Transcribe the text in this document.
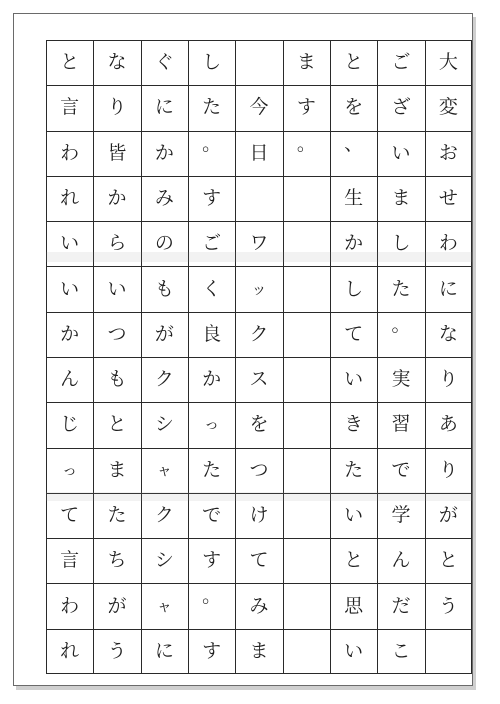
大
変
お
せ
わ
に
な
り
あ
り
が
と
う
ご
ざ
い
ま
し
た
。
実
習
で
学
ん
だ
こ
と
を
、
生
か
し
て
い
き
た
い
と
思
い
ま
す
。
今
日
ワ
ッ
ク
ス
を
つ
け
て
み
ま
し
た
。
す
ご
く
良
か
っ
た
で
す
。
す
ぐ
に
か
み
の
も
が
ク
シ
ャ
ク
シ
ャ
に
な
り
皆
か
ら
い
つ
も
と
ま
た
ち
が
う
と
言
わ
れ
い
い
か
ん
じ
っ
て
言
わ
れ
